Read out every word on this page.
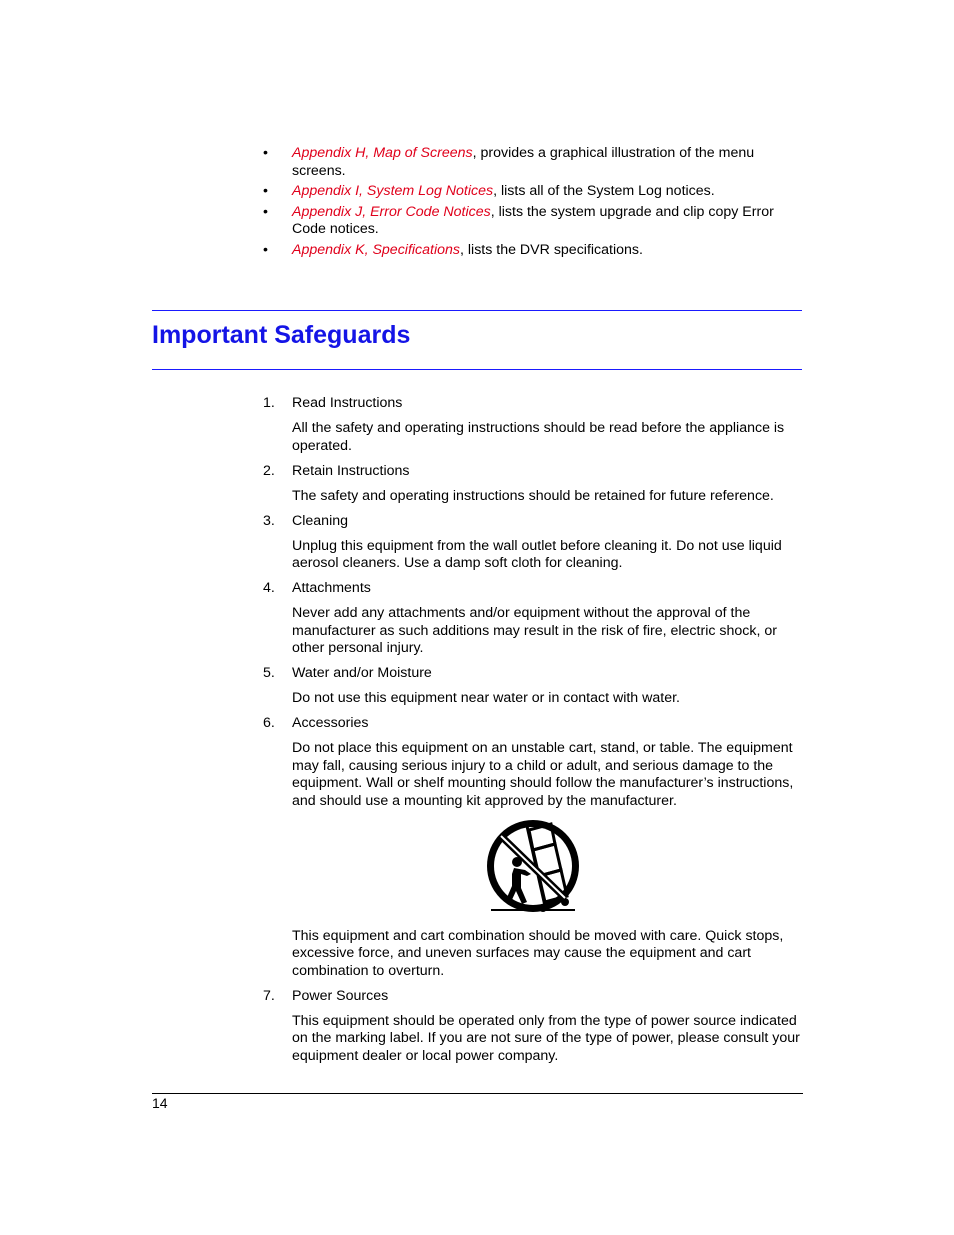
• Appendix H, Map of Screens, provides a graphical illustration of the menu screens.
• Appendix I, System Log Notices, lists all of the System Log notices.
• Appendix J, Error Code Notices, lists the system upgrade and clip copy Error Code notices.
• Appendix K, Specifications, lists the DVR specifications.
Important Safeguards
1. Read Instructions

All the safety and operating instructions should be read before the appliance is operated.

2. Retain Instructions

The safety and operating instructions should be retained for future reference.

3. Cleaning

Unplug this equipment from the wall outlet before cleaning it. Do not use liquid aerosol cleaners. Use a damp soft cloth for cleaning.

4. Attachments

Never add any attachments and/or equipment without the approval of the manufacturer as such additions may result in the risk of fire, electric shock, or other personal injury.

5. Water and/or Moisture

Do not use this equipment near water or in contact with water.

6. Accessories

Do not place this equipment on an unstable cart, stand, or table. The equipment may fall, causing serious injury to a child or adult, and serious damage to the equipment. Wall or shelf mounting should follow the manufacturer’s instructions, and should use a mounting kit approved by the manufacturer.

This equipment and cart combination should be moved with care. Quick stops, excessive force, and uneven surfaces may cause the equipment and cart combination to overturn.

7. Power Sources

This equipment should be operated only from the type of power source indicated on the marking label. If you are not sure of the type of power, please consult your equipment dealer or local power company.

14
